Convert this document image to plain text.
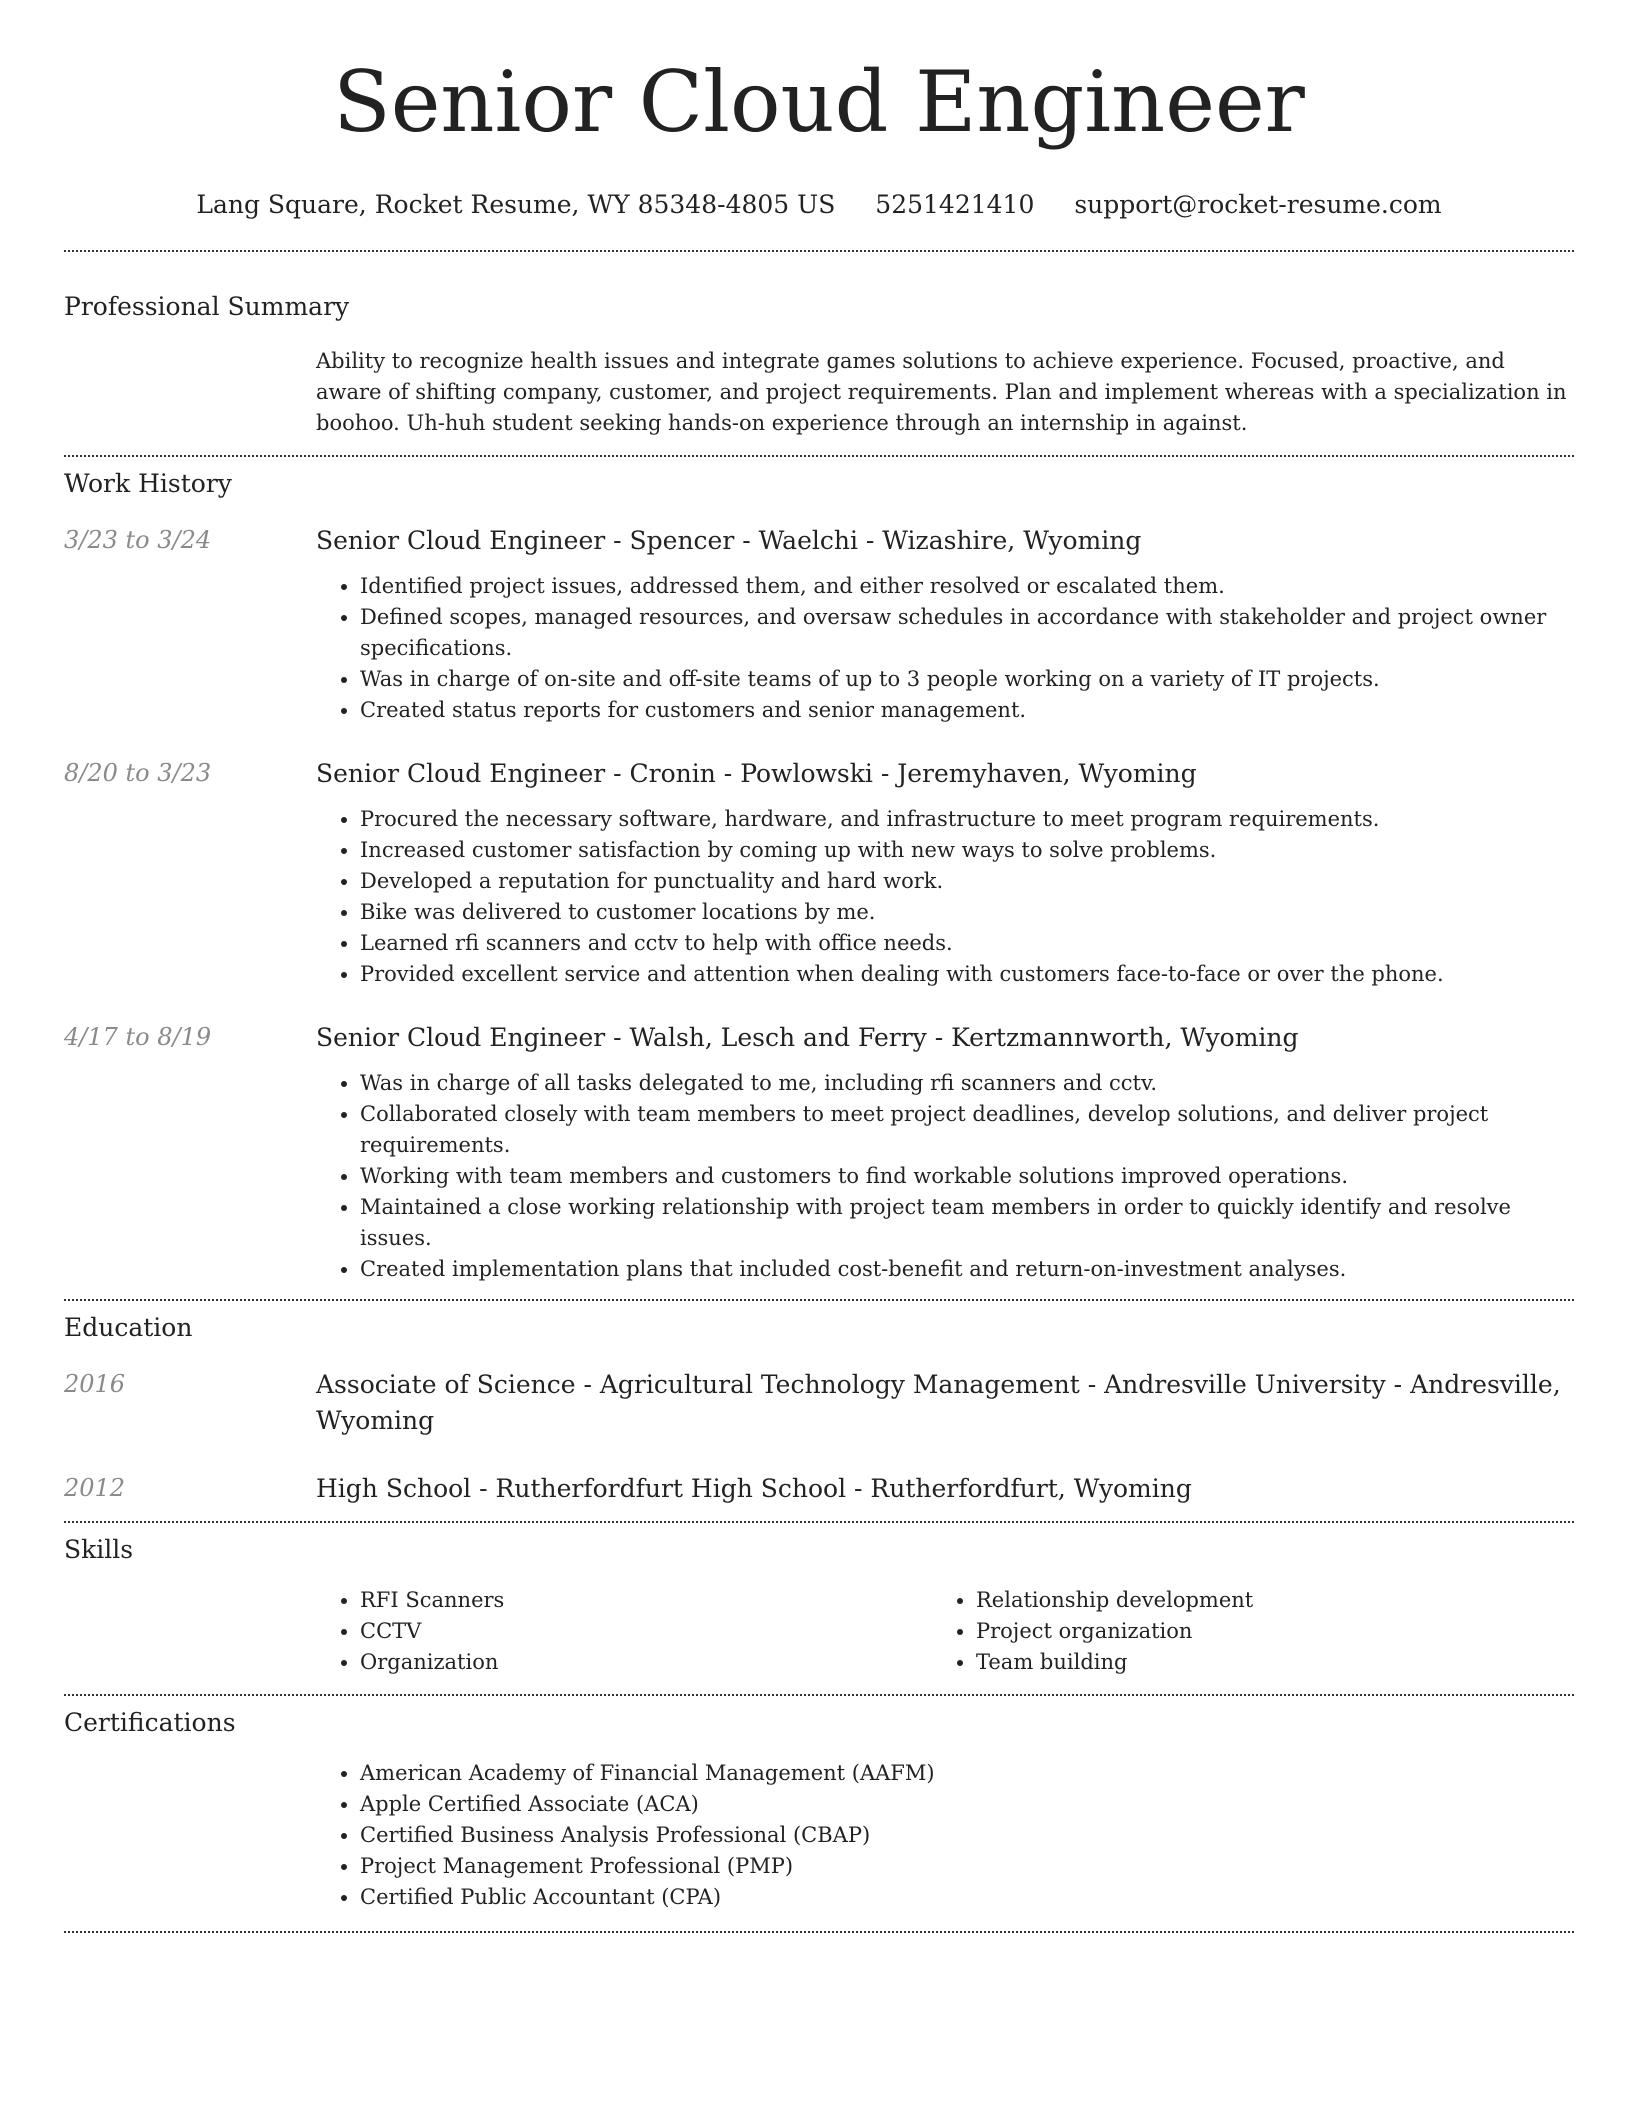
Senior Cloud Engineer
Lang Square, Rocket Resume, WY 85348-4805 US 5251421410 support@rocket-resume.com
Professional Summary

Ability to recognize health issues and integrate games solutions to achieve experience. Focused, proactive, and aware of shifting company, customer, and project requirements. Plan and implement whereas with a specialization in boohoo. Uh-huh student seeking hands-on experience through an internship in against.

Work History
3/23 to 3/24	Senior Cloud Engineer - Spencer - Waelchi - Wizashire, Wyoming
• Identified project issues, addressed them, and either resolved or escalated them.
• Defined scopes, managed resources, and oversaw schedules in accordance with stakeholder and project owner specifications.
• Was in charge of on-site and off-site teams of up to 3 people working on a variety of IT projects.
• Created status reports for customers and senior management.
8/20 to 3/23	Senior Cloud Engineer - Cronin - Powlowski - Jeremyhaven, Wyoming
• Procured the necessary software, hardware, and infrastructure to meet program requirements.
• Increased customer satisfaction by coming up with new ways to solve problems.
• Developed a reputation for punctuality and hard work.
• Bike was delivered to customer locations by me.
• Learned rfi scanners and cctv to help with office needs.
• Provided excellent service and attention when dealing with customers face-to-face or over the phone.
4/17 to 8/19	Senior Cloud Engineer - Walsh, Lesch and Ferry - Kertzmannworth, Wyoming
• Was in charge of all tasks delegated to me, including rfi scanners and cctv.
• Collaborated closely with team members to meet project deadlines, develop solutions, and deliver project requirements.
• Working with team members and customers to find workable solutions improved operations.
• Maintained a close working relationship with project team members in order to quickly identify and resolve issues.
• Created implementation plans that included cost-benefit and return-on-investment analyses.
Education
2016	Associate of Science - Agricultural Technology Management - Andresville University - Andresville, Wyoming
2012	High School - Rutherfordfurt High School - Rutherfordfurt, Wyoming
Skills
• RFI Scanners
• CCTV
• Organization
• Relationship development
• Project organization
• Team building
Certifications
• American Academy of Financial Management (AAFM)
• Apple Certified Associate (ACA)
• Certified Business Analysis Professional (CBAP)
• Project Management Professional (PMP)
• Certified Public Accountant (CPA)
